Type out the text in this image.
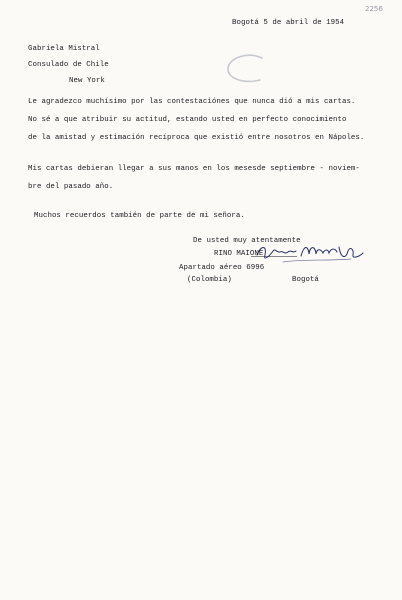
2256
Bogotá 5 de abril de 1954
Gabriela Mistral
Consulado de Chile
New York
Le agradezco muchísimo por las contestaciónes que nunca dió a mis cartas.
No sé a que atribuir su actitud, estando usted en perfecto conocimiento
de la amistad y estimación recíproca que existió entre nosotros en Nápoles.
Mis cartas debieran llegar a sus manos en los mesesde septiembre - noviem-
bre del pasado año.
Muchos recuerdos también de parte de mi señora.
De usted muy atentamente
RINO MAIONE
Apartado aéreo 6996
(Colombia)	Bogotá
